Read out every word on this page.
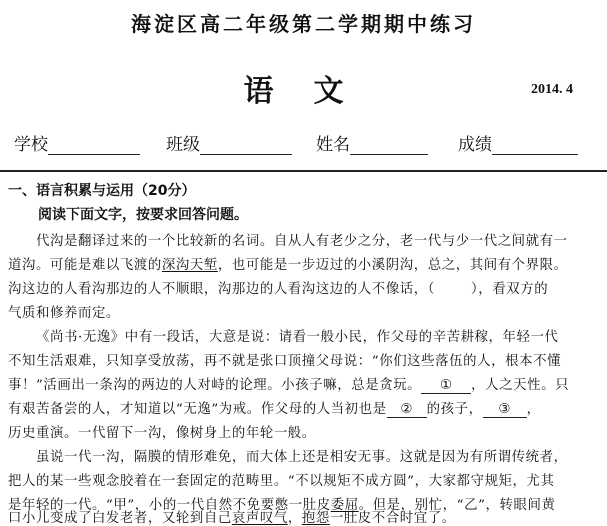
海淀区高二年级第二学期期中练习
语文	2014. 4
学校	班级	姓名	成绩
一、语言积累与运用（20分）
阅读下面文字，按要求回答问题。
代沟是翻译过来的一个比较新的名词。自从人有老少之分，老一代与少一代之间就有一
道沟。可能是难以飞渡的深沟天堑，也可能是一步迈过的小溪阴沟，总之，其间有个界限。
沟这边的人看沟那边的人不顺眼，沟那边的人看沟这边的人不像话，（	），看双方的
气质和修养而定。
《尚书·无逸》中有一段话，大意是说：请看一般小民，作父母的辛苦耕稼，年轻一代
不知生活艰难，只知享受放荡，再不就是张口顶撞父母说：“你们这些落伍的人，根本不懂
事！”活画出一条沟的两边的人对峙的论理。小孩子嘛，总是贪玩。 ① ，人之天性。只
有艰苦备尝的人，才知道以“无逸”为戒。作父母的人当初也是 ② 的孩子， ③ ，
历史重演。一代留下一沟，像树身上的年轮一般。
虽说一代一沟，隔膜的情形难免，而大体上还是相安无事。这就是因为有所谓传统者，
把人的某一些观念胶着在一套固定的范畴里。“不以规矩不成方圆”，大家都守规矩，尤其
是年轻的一代。“甲”，小的一代自然不免要憋一肚皮委屈。但是，别忙，“乙”，转眼间黄
口小儿变成了白发老者，又轮到自己哀声叹气，抱怨一肚皮不合时宜了。
